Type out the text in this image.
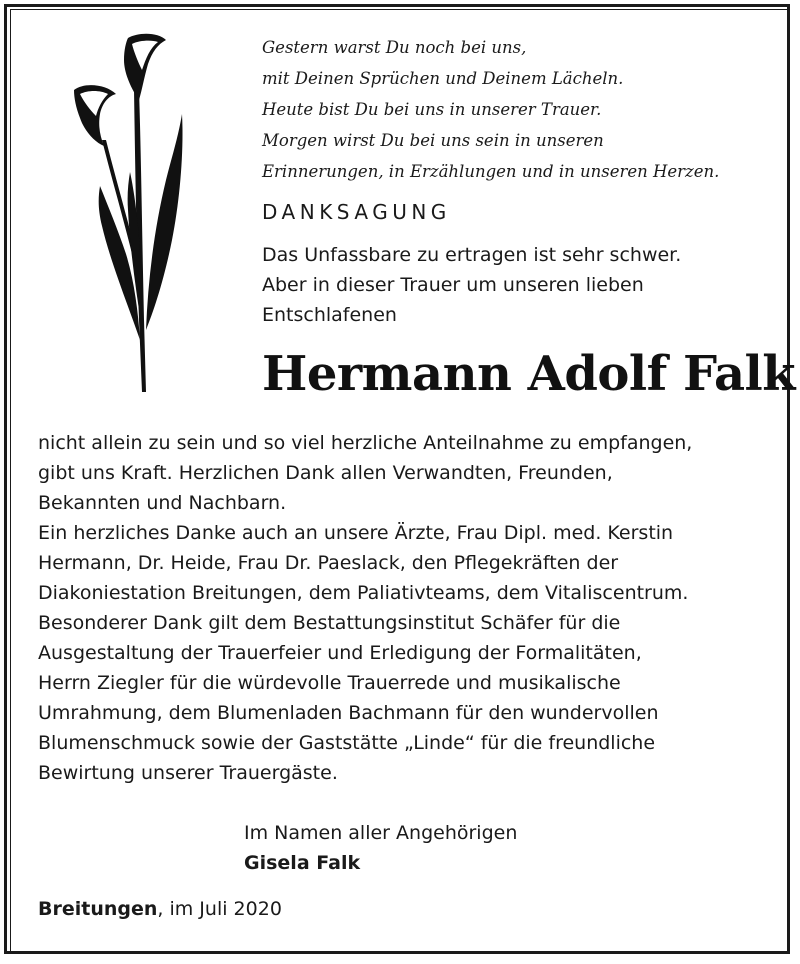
Gestern warst Du noch bei uns,
mit Deinen Sprüchen und Deinem Lächeln.
Heute bist Du bei uns in unserer Trauer.
Morgen wirst Du bei uns sein in unseren
Erinnerungen, in Erzählungen und in unseren Herzen.
DANKSAGUNG
Das Unfassbare zu ertragen ist sehr schwer.
Aber in dieser Trauer um unseren lieben
Entschlafenen
Hermann Adolf Falk
nicht allein zu sein und so viel herzliche Anteilnahme zu empfangen,
gibt uns Kraft. Herzlichen Dank allen Verwandten, Freunden,
Bekannten und Nachbarn.
Ein herzliches Danke auch an unsere Ärzte, Frau Dipl. med. Kerstin
Hermann, Dr. Heide, Frau Dr. Paeslack, den Pflegekräften der
Diakoniestation Breitungen, dem Paliativteams, dem Vitaliscentrum.
Besonderer Dank gilt dem Bestattungsinstitut Schäfer für die
Ausgestaltung der Trauerfeier und Erledigung der Formalitäten,
Herrn Ziegler für die würdevolle Trauerrede und musikalische
Umrahmung, dem Blumenladen Bachmann für den wundervollen
Blumenschmuck sowie der Gaststätte „Linde“ für die freundliche
Bewirtung unserer Trauergäste.
Im Namen aller Angehörigen
Gisela Falk
Breitungen, im Juli 2020
